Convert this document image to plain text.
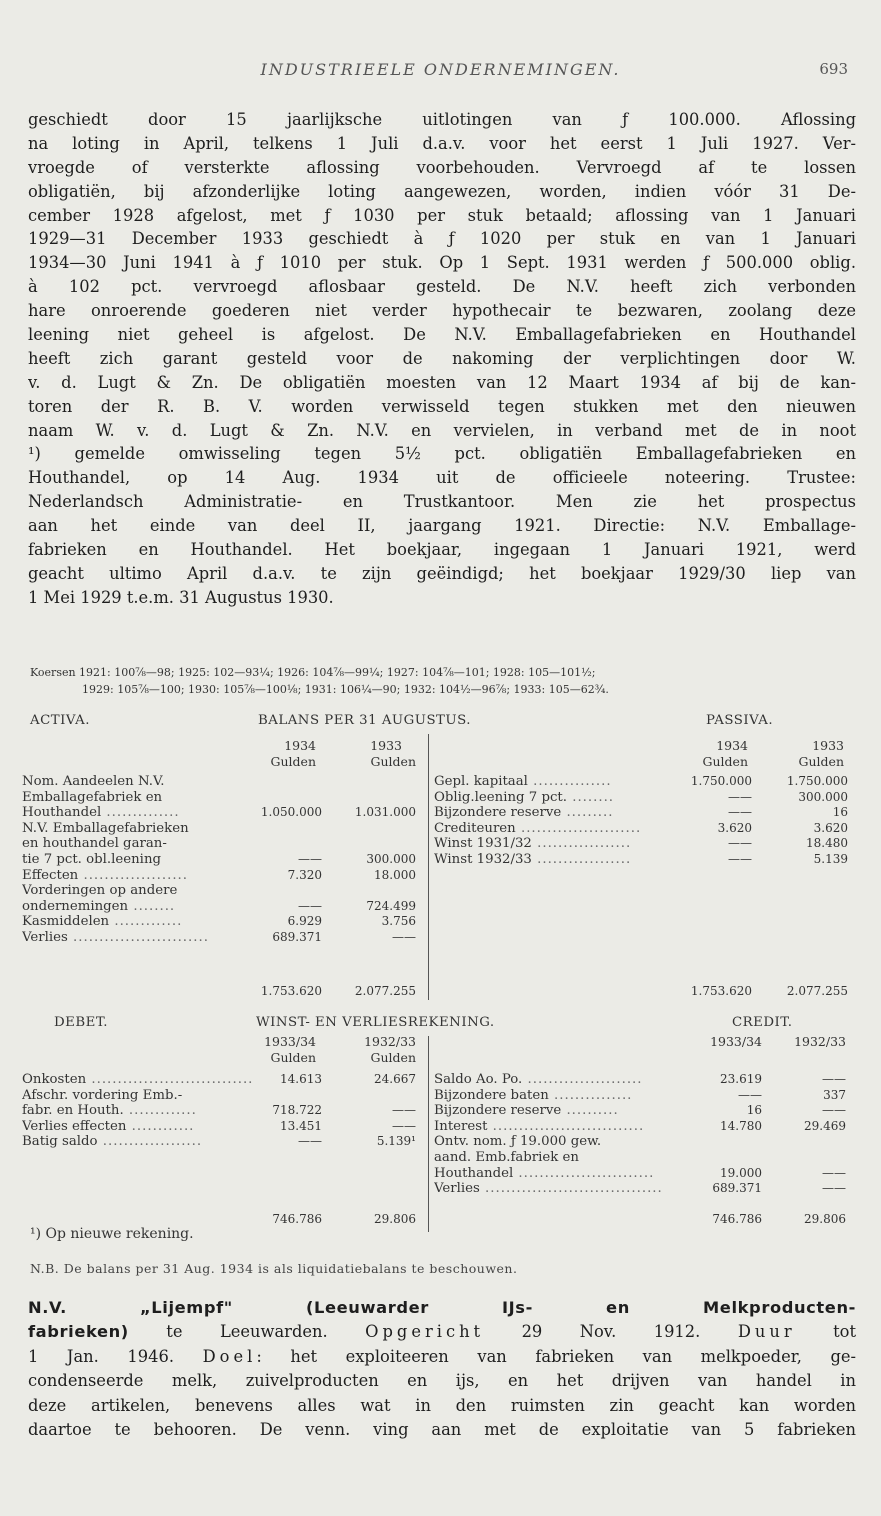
INDUSTRIEELE ONDERNEMINGEN.	693
geschiedt door 15 jaarlijksche uitlotingen van ƒ 100.000. Aflossing
na loting in April, telkens 1 Juli d.a.v. voor het eerst 1 Juli 1927. Ver-
vroegde of versterkte aflossing voorbehouden. Vervroegd af te lossen
obligatiën, bij afzonderlijke loting aangewezen, worden, indien vóór 31 De-
cember 1928 afgelost, met ƒ 1030 per stuk betaald; aflossing van 1 Januari
1929—31 December 1933 geschiedt à ƒ 1020 per stuk en van 1 Januari
1934—30 Juni 1941 à ƒ 1010 per stuk. Op 1 Sept. 1931 werden ƒ 500.000 oblig.
à 102 pct. vervroegd aflosbaar gesteld. De N.V. heeft zich verbonden
hare onroerende goederen niet verder hypothecair te bezwaren, zoolang deze
leening niet geheel is afgelost. De N.V. Emballagefabrieken en Houthandel
heeft zich garant gesteld voor de nakoming der verplichtingen door W.
v. d. Lugt & Zn. De obligatiën moesten van 12 Maart 1934 af bij de kan-
toren der R. B. V. worden verwisseld tegen stukken met den nieuwen
naam W. v. d. Lugt & Zn. N.V. en vervielen, in verband met de in noot
¹) gemelde omwisseling tegen 5½ pct. obligatiën Emballagefabrieken en
Houthandel, op 14 Aug. 1934 uit de officieele noteering. Trustee:
Nederlandsch Administratie- en Trustkantoor. Men zie het prospectus
aan het einde van deel II, jaargang 1921. Directie: N.V. Emballage-
fabrieken en Houthandel. Het boekjaar, ingegaan 1 Januari 1921, werd
geacht ultimo April d.a.v. te zijn geëindigd; het boekjaar 1929/30 liep van
1 Mei 1929 t.e.m. 31 Augustus 1930.
Koersen 1921: 100⅞—98; 1925: 102—93¼; 1926: 104⅞—99¼; 1927: 104⅞—101; 1928: 105—101½;
1929: 105⅞—100; 1930: 105⅞—100⅛; 1931: 106¼—90; 1932: 104½—96⅞; 1933: 105—62¾.
ACTIVA.	BALANS PER 31 AUGUSTUS.	PASSIVA.
1934	1933
Gulden	Gulden
1934	1933
Gulden	Gulden
Nom. Aandeelen N.V.
Emballagefabriek en
Houthandel ..............	1.050.000	1.031.000
N.V. Emballagefabrieken
en houthandel garan-
tie 7 pct. obl.leening	——	300.000
Effecten ....................	7.320	18.000
Vorderingen op andere
ondernemingen ........	——	724.499
Kasmiddelen .............	6.929	3.756
Verlies ..........................	689.371	——
Gepl. kapitaal ...............	1.750.000	1.750.000
Oblig.leening 7 pct. ........	——	300.000
Bijzondere reserve .........	——	16
Crediteuren .......................	3.620	3.620
Winst 1931/32 ..................	——	18.480
Winst 1932/33 ..................	——	5.139
1.753.620	2.077.255	1.753.620	2.077.255
DEBET.	WINST- EN VERLIESREKENING.	CREDIT.
1933/34	1932/33
Gulden	Gulden
1933/34	1932/33
Onkosten ...............................	14.613	24.667
Afschr. vordering Emb.-
fabr. en Houth. .............	718.722	——
Verlies effecten ............	13.451	——
Batig saldo ...................	——	5.139¹
Saldo Ao. Po. ......................	23.619	——
Bijzondere baten ...............	——	337
Bijzondere reserve ..........	16	——
Interest .............................	14.780	29.469
Ontv. nom. ƒ 19.000 gew.
aand. Emb.fabriek en
Houthandel ..........................	19.000	——
Verlies ..................................	689.371	——
746.786	29.806	746.786	29.806
¹) Op nieuwe rekening.
N.B. De balans per 31 Aug. 1934 is als liquidatiebalans te beschouwen.
N.V. „Lijempf" (Leeuwarder IJs- en Melkproducten-
fabrieken) te Leeuwarden. Opgericht 29 Nov. 1912. Duur tot
1 Jan. 1946. Doel: het exploiteeren van fabrieken van melkpoeder, ge-
condenseerde melk, zuivelproducten en ijs, en het drijven van handel in
deze artikelen, benevens alles wat in den ruimsten zin geacht kan worden
daartoe te behooren. De venn. ving aan met de exploitatie van 5 fabrieken
